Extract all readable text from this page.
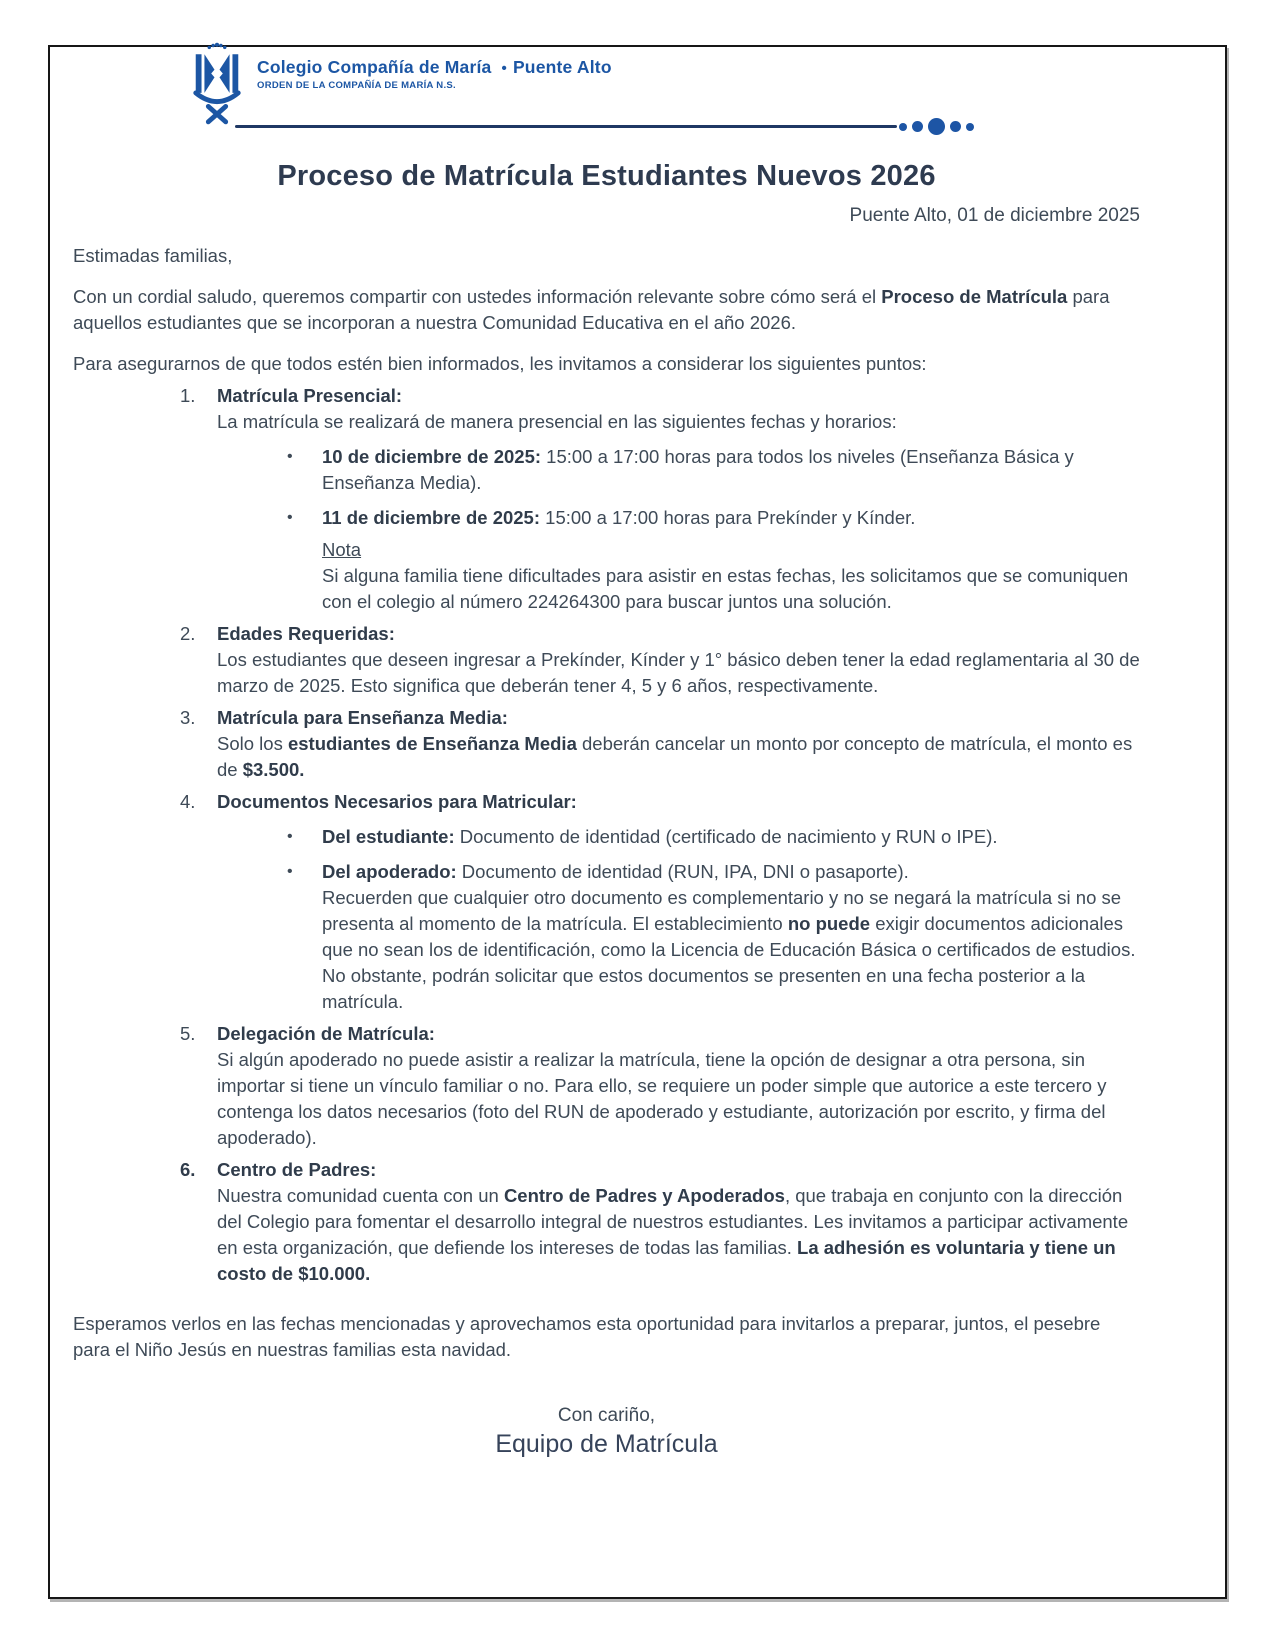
Colegio Compañía de María • Puente Alto
ORDEN DE LA COMPAÑÍA DE MARÍA N.S.
Proceso de Matrícula Estudiantes Nuevos 2026

Puente Alto, 01 de diciembre 2025

Estimadas familias,

Con un cordial saludo, queremos compartir con ustedes información relevante sobre cómo será el Proceso de Matrícula para aquellos estudiantes que se incorporan a nuestra Comunidad Educativa en el año 2026.

Para asegurarnos de que todos estén bien informados, les invitamos a considerar los siguientes puntos:

1.	Matrícula Presencial:
La matrícula se realizará de manera presencial en las siguientes fechas y horarios:
•	10 de diciembre de 2025: 15:00 a 17:00 horas para todos los niveles (Enseñanza Básica y Enseñanza Media).
•	11 de diciembre de 2025: 15:00 a 17:00 horas para Prekínder y Kínder.
Nota
Si alguna familia tiene dificultades para asistir en estas fechas, les solicitamos que se comuniquen con el colegio al número 224264300 para buscar juntos una solución.
2.	Edades Requeridas:
Los estudiantes que deseen ingresar a Prekínder, Kínder y 1° básico deben tener la edad reglamentaria al 30 de marzo de 2025. Esto significa que deberán tener 4, 5 y 6 años, respectivamente.
3.	Matrícula para Enseñanza Media:
Solo los estudiantes de Enseñanza Media deberán cancelar un monto por concepto de matrícula, el monto es de $3.500.
4.	Documentos Necesarios para Matricular:
•	Del estudiante: Documento de identidad (certificado de nacimiento y RUN o IPE).
•	Del apoderado: Documento de identidad (RUN, IPA, DNI o pasaporte).
Recuerden que cualquier otro documento es complementario y no se negará la matrícula si no se presenta al momento de la matrícula. El establecimiento no puede exigir documentos adicionales que no sean los de identificación, como la Licencia de Educación Básica o certificados de estudios. No obstante, podrán solicitar que estos documentos se presenten en una fecha posterior a la matrícula.
5.	Delegación de Matrícula:
Si algún apoderado no puede asistir a realizar la matrícula, tiene la opción de designar a otra persona, sin importar si tiene un vínculo familiar o no. Para ello, se requiere un poder simple que autorice a este tercero y contenga los datos necesarios (foto del RUN de apoderado y estudiante, autorización por escrito, y firma del apoderado).
6.	Centro de Padres:
Nuestra comunidad cuenta con un Centro de Padres y Apoderados, que trabaja en conjunto con la dirección del Colegio para fomentar el desarrollo integral de nuestros estudiantes. Les invitamos a participar activamente en esta organización, que defiende los intereses de todas las familias. La adhesión es voluntaria y tiene un costo de $10.000.

Esperamos verlos en las fechas mencionadas y aprovechamos esta oportunidad para invitarlos a preparar, juntos, el pesebre para el Niño Jesús en nuestras familias esta navidad.

Con cariño,

Equipo de Matrícula
